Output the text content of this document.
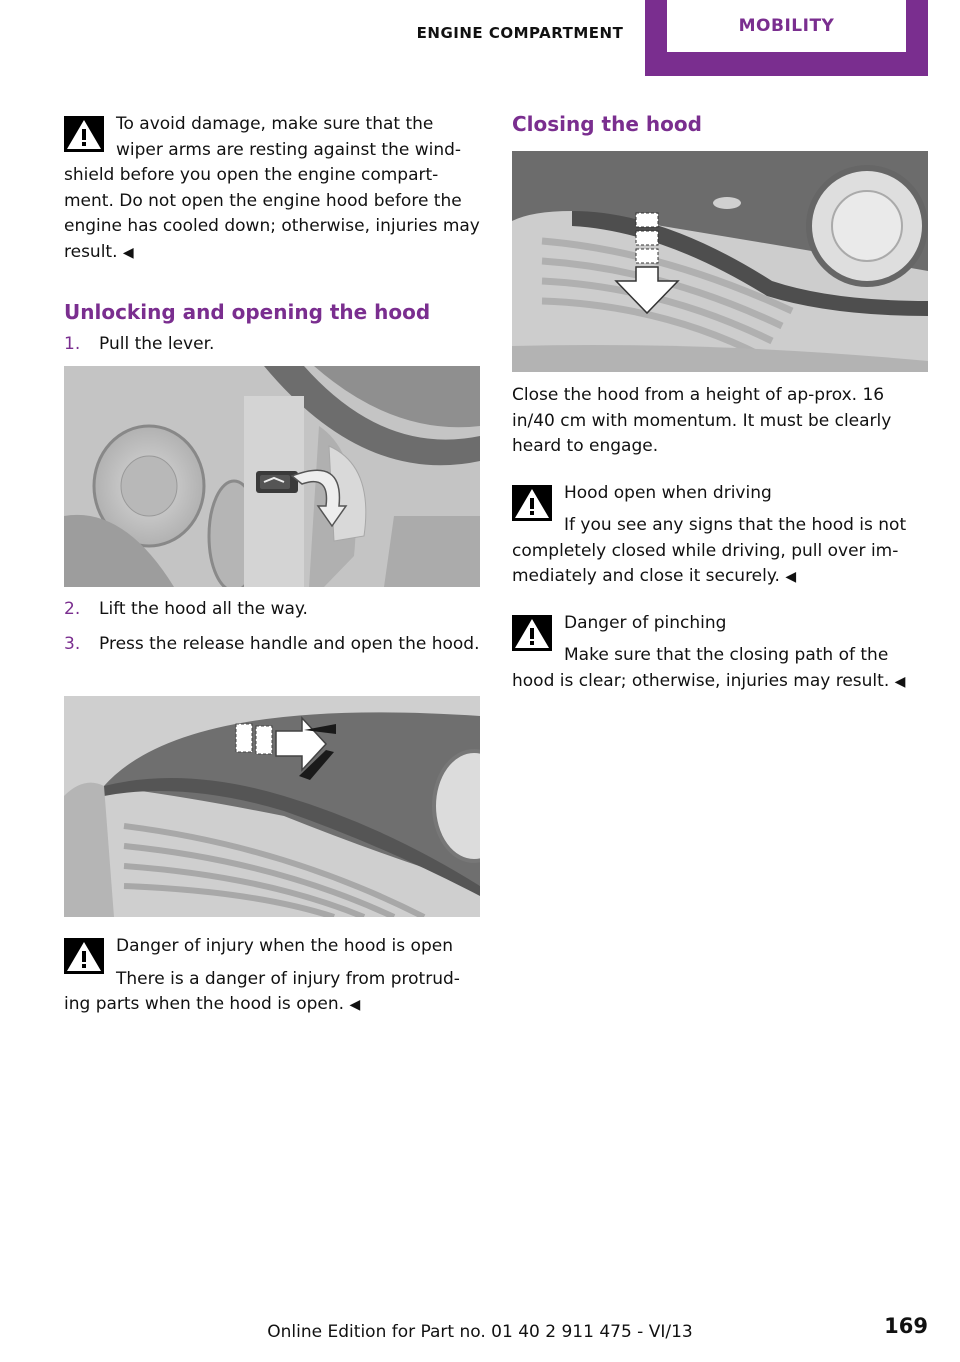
ENGINE COMPARTMENT	MOBILITY
To avoid damage, make sure that the wiper arms are resting against the wind‐shield before you open the engine compart‐ment. Do not open the engine hood before the engine has cooled down; otherwise, injuries may result. ◀
Unlocking and opening the hood
1.	Pull the lever.
2.	Lift the hood all the way.
3.	Press the release handle and open the hood.
Danger of injury when the hood is open
There is a danger of injury from protrud‐ing parts when the hood is open. ◀
Closing the hood
Close the hood from a height of ap‐prox. 16 in/40 cm with momentum. It must be clearly heard to engage.
Hood open when driving
If you see any signs that the hood is not completely closed while driving, pull over im‐mediately and close it securely. ◀
Danger of pinching
Make sure that the closing path of the hood is clear; otherwise, injuries may result. ◀
Online Edition for Part no. 01 40 2 911 475 - VI/13	169
